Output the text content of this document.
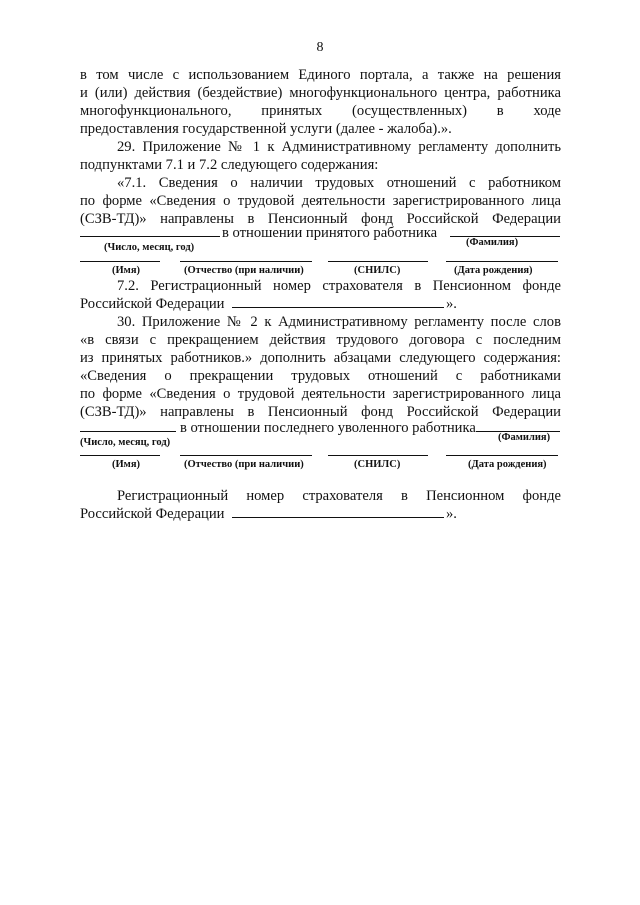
8
в том числе с использованием Единого портала, а также на решения
и (или) действия (бездействие) многофункционального центра, работника
многофункционального, принятых (осуществленных) в ходе
предоставления государственной услуги (далее - жалоба).».
29. Приложение № 1 к Административному регламенту дополнить
подпунктами 7.1 и 7.2 следующего содержания:
«7.1. Сведения о наличии трудовых отношений с работником
по форме «Сведения о трудовой деятельности зарегистрированного лица
(СЗВ-ТД)» направлены в Пенсионный фонд Российской Федерации
в отношении принятого работника
(Число, месяц, год)	(Фамилия)
(Имя)	(Отчество (при наличии)	(СНИЛС)	(Дата рождения)
7.2. Регистрационный номер страхователя в Пенсионном фонде
Российской Федерации	».
30. Приложение № 2 к Административному регламенту после слов
«в связи с прекращением действия трудового договора с последним
из принятых работников.» дополнить абзацами следующего содержания:
«Сведения о прекращении трудовых отношений с работниками
по форме «Сведения о трудовой деятельности зарегистрированного лица
(СЗВ-ТД)» направлены в Пенсионный фонд Российской Федерации
в отношении последнего уволенного работника
(Число, месяц, год)	(Фамилия)
(Имя)	(Отчество (при наличии)	(СНИЛС)	(Дата рождения)
Регистрационный номер страхователя в Пенсионном фонде
Российской Федерации	».
